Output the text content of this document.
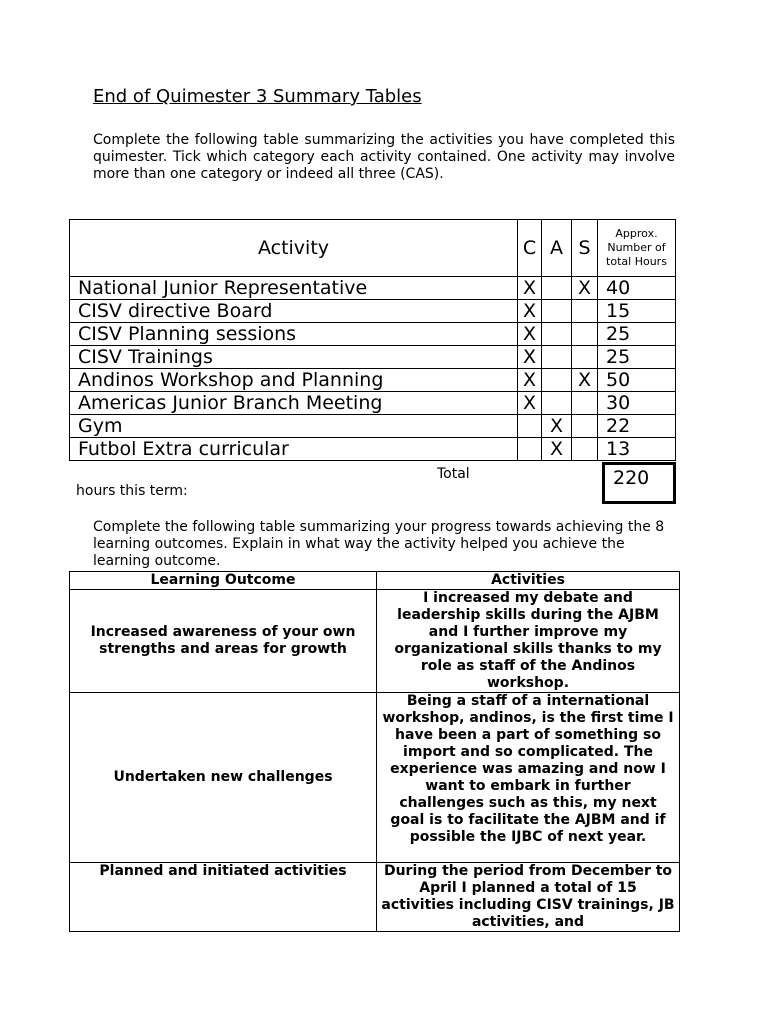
End of Quimester 3 Summary Tables

Complete the following table summarizing the activities you have completed this quimester. Tick which category each activity contained. One activity may involve more than one category or indeed all three (CAS).

Activity	C	A	S	Approx. Number of total Hours
National Junior Representative	X		X	40
CISV directive Board	X			15
CISV Planning sessions	X			25
CISV Trainings	X			25
Andinos Workshop and Planning	X		X	50
Americas Junior Branch Meeting	X			30
Gym		X		22
Futbol Extra curricular		X		13
Total	220
hours this term:

Complete the following table summarizing your progress towards achieving the 8 learning outcomes. Explain in what way the activity helped you achieve the learning outcome.

Learning Outcome	Activities
Increased awareness of your own strengths and areas for growth	I increased my debate and leadership skills during the AJBM and I further improve my organizational skills thanks to my role as staff of the Andinos workshop.
Undertaken new challenges	Being a staff of a international workshop, andinos, is the first time I have been a part of something so import and so complicated. The experience was amazing and now I want to embark in further challenges such as this, my next goal is to facilitate the AJBM and if possible the IJBC of next year.

Planned and initiated activities	During the period from December to April I planned a total of 15 activities including CISV trainings, JB activities, and
